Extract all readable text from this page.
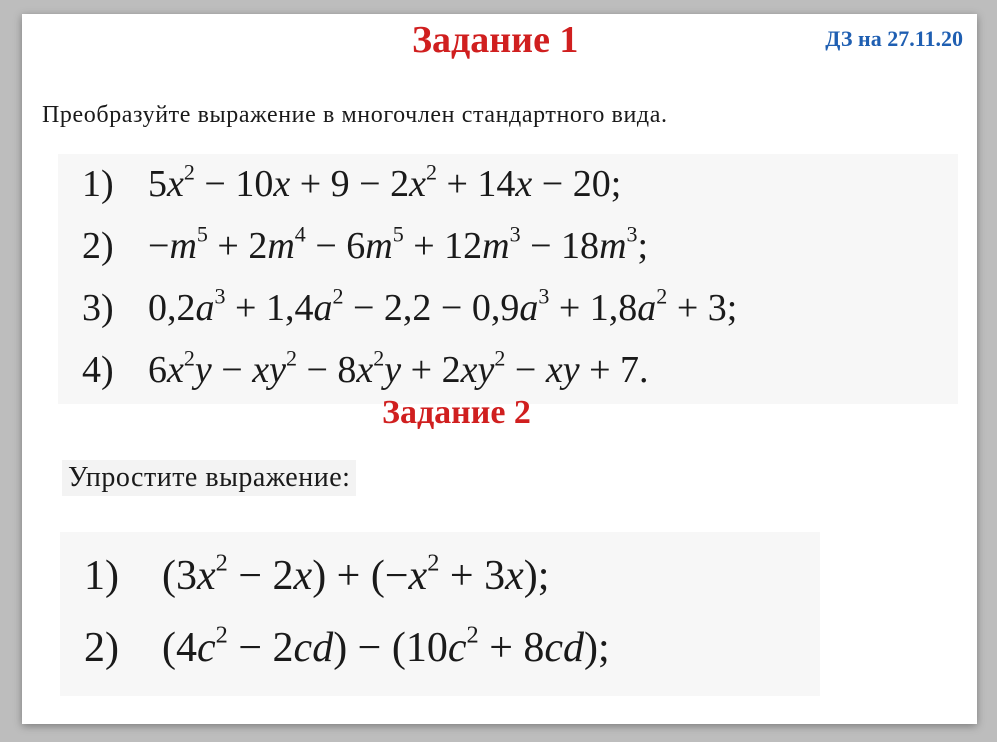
Задание 1	ДЗ на 27.11.20
Преобразуйте выражение в многочлен стандартного вида.
1) $5x^2 - 10x + 9 - 2x^2 + 14x - 20$;
$2) -m^5 + 2m^4 - 6m^5 + 12m^3 - 18m^3$;
3) $0,2a^3 + 1,4a^2 - 2,2 - 0,9a^3 + 1,8a^2 + 3$;
4) $6x^2y - xy^2 - 8x^2y + 2xy^2$ − xy + 7.
Задание 2
Упростите выражение:
1) $(3x^2 - 2x) + (-x^2 + 3x)$;
2) $(4c^2 - 2cd) - (10c^2 + 8cd)$;
